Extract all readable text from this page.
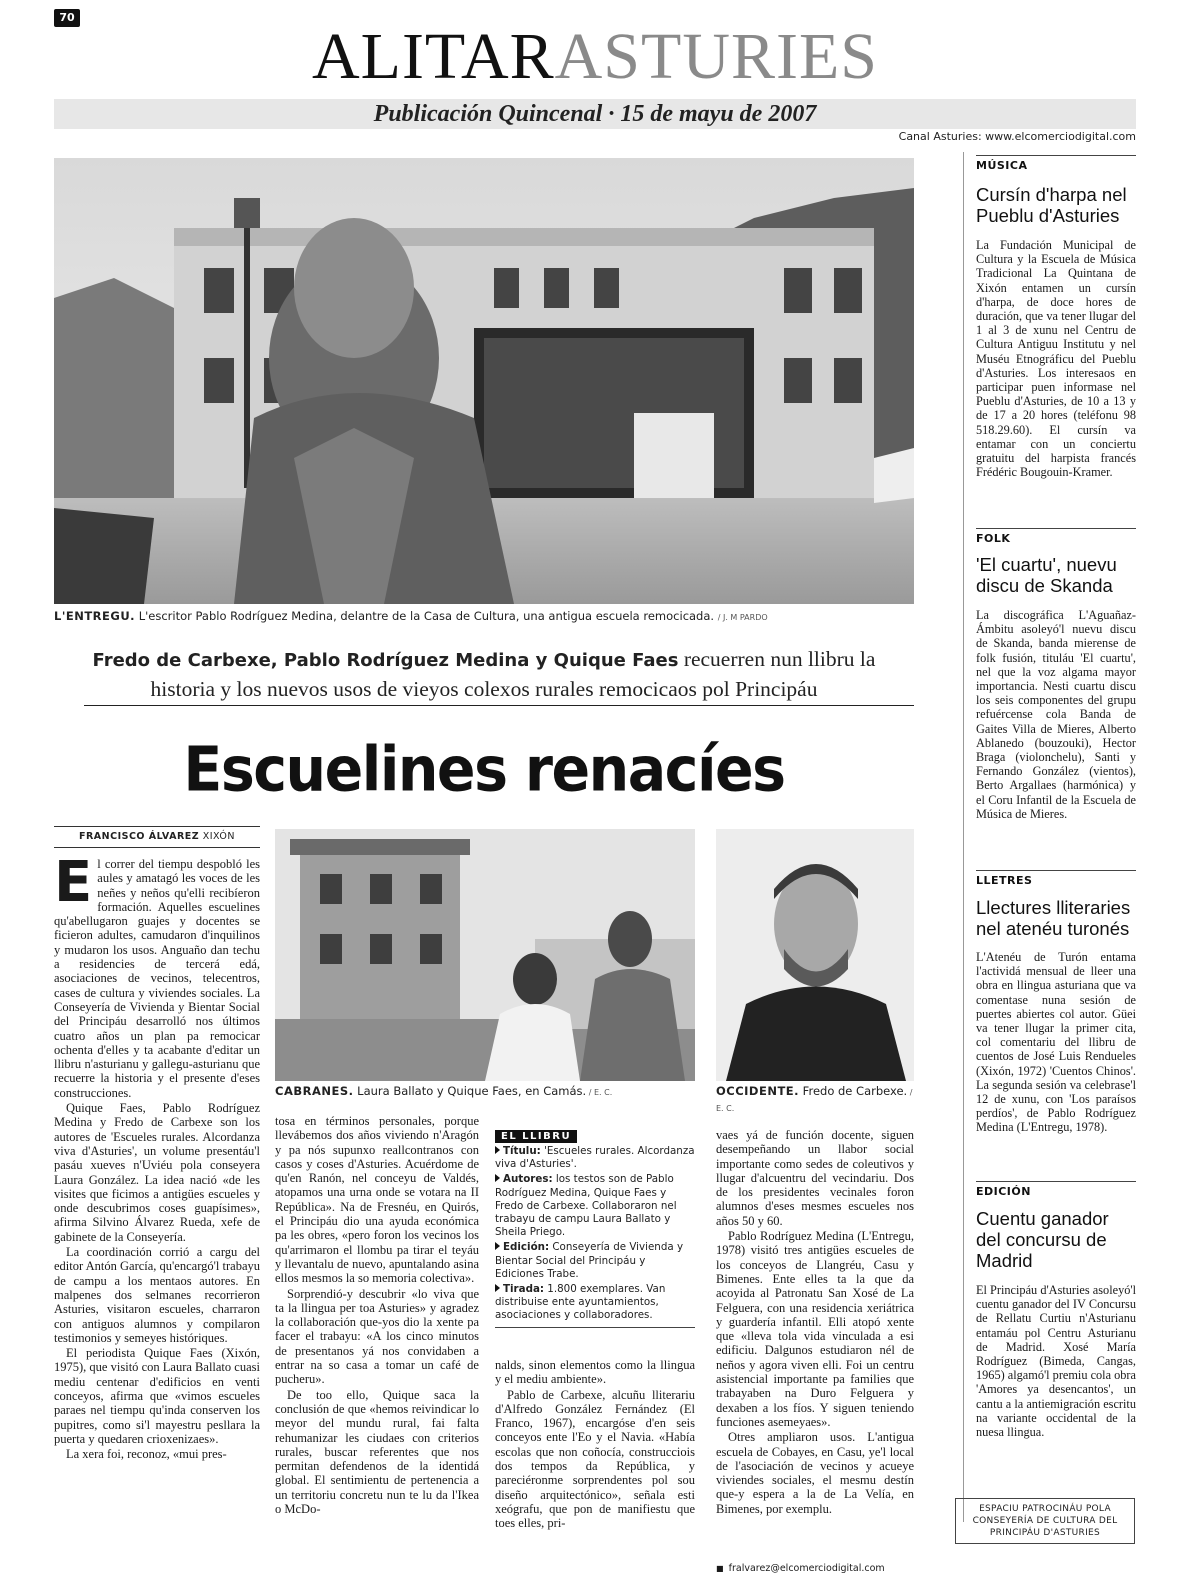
70
ALITARASTURIES
Publicación Quincenal · 15 de mayu de 2007
Canal Asturies: www.elcomerciodigital.com
L'ENTREGU. L'escritor Pablo Rodríguez Medina, delantre de la Casa de Cultura, una antigua escuela remocicada. / J. M PARDO
Fredo de Carbexe, Pablo Rodríguez Medina y Quique Faes recuerren nun llibru la
historia y los nuevos usos de vieyos colexos rurales remocicaos pol Principáu
Escuelines renacíes
FRANCISCO ÁLVAREZ XIXÓN

El correr del tiempu despobló les aules y amatagó les voces de les neñes y neños qu'elli recibíeron formación. Aquelles escuelines qu'abellugaron guajes y docentes se ficieron adultes, camudaron d'inquilinos y mudaron los usos. Anguaño dan techu a residencies de tercerá edá, asociaciones de vecinos, telecentros, cases de cultura y viviendes sociales. La Conseyería de Vivienda y Bientar Social del Principáu desarrolló nos últimos cuatro años un plan pa remocicar ochenta d'elles y ta acabante d'editar un llibru n'asturianu y gallegu-asturianu que recuerre la historia y el presente d'eses construcciones.

Quique Faes, Pablo Rodríguez Medina y Fredo de Carbexe son los autores de 'Escueles rurales. Alcordanza viva d'Asturies', un volume presentáu'l pasáu xueves n'Uviéu pola conseyera Laura González. La idea nació «de les visites que ficimos a antigües escueles y onde descubrimos coses guapísimes», afirma Silvino Álvarez Rueda, xefe de gabinete de la Conseyería.

La coordinación corrió a cargu del editor Antón García, qu'encargó'l trabayu de campu a los mentaos autores. En malpenes dos selmanes recorrieron Asturies, visitaron escueles, charraron con antiguos alumnos y compilaron testimonios y semeyes históriques.

El periodista Quique Faes (Xixón, 1975), que visitó con Laura Ballato cuasi mediu centenar d'edificios en venti conceyos, afirma que «vimos escueles paraes nel tiempu qu'inda conserven los pupitres, como si'l mayestru pesllara la puerta y quedaren crioxenizaes».

La xera foi, reconoz, «mui pres-

CABRANES. Laura Ballato y Quique Faes, en Camás. / E. C.	OCCIDENTE. Fredo de Carbexe. / E. C.

tosa en términos personales, porque llevábemos dos años viviendo n'Aragón y pa nós supunxo reallcontranos con casos y coses d'Asturies. Acuérdome de qu'en Ranón, nel conceyu de Valdés, atopamos una urna onde se votara na II República». Na de Fresnéu, en Quirós, el Principáu dio una ayuda económica pa les obres, «pero foron los vecinos los qu'arrimaron el llombu pa tirar el teyáu y llevantalu de nuevo, apuntalando asina ellos mesmos la so memoria colectiva».

Sorprendió-y descubrir «lo viva que ta la llingua per toa Asturies» y agradez la collaboración que-yos dio la xente pa facer el trabayu: «A los cinco minutos de presentanos yá nos convidaben a entrar na so casa a tomar un café de pucheru».

De too ello, Quique saca la conclusión de que «hemos reivindicar lo meyor del mundu rural, fai falta rehumanizar les ciudaes con criterios rurales, buscar referentes que nos permitan defendenos de la identidá global. El sentimientu de pertenencia a un territoriu concretu nun te lu da l'Ikea o McDo-

EL LLIBRU
Títulu: 'Escueles rurales. Alcordanza viva d'Asturies'.
Autores: los testos son de Pablo Rodríguez Medina, Quique Faes y Fredo de Carbexe. Collaboraron nel trabayu de campu Laura Ballato y Sheila Priego.
Edición: Conseyería de Vivienda y Bientar Social del Principáu y Ediciones Trabe.
Tirada: 1.800 exemplares. Van distribuise ente ayuntamientos, asociaciones y collaboradores.

nalds, sinon elementos como la llingua y el mediu ambiente».

Pablo de Carbexe, alcuñu lliterariu d'Alfredo González Fernández (El Franco, 1967), encargóse d'en seis conceyos ente l'Eo y el Navia. «Había escolas que non coñocía, construcciois dos tempos da República, y pareciéronme sorprendentes pol sou diseño arquitectónico», señala esti xeógrafu, que pon de manifiestu que toes elles, pri-

vaes yá de función docente, siguen desempeñando un llabor social importante como sedes de coleutivos y llugar d'alcuentru del vecindariu. Dos de los presidentes vecinales foron alumnos d'eses mesmes escueles nos años 50 y 60.

Pablo Rodríguez Medina (L'Entregu, 1978) visitó tres antigües escueles de los conceyos de Llangréu, Casu y Bimenes. Ente elles ta la que da acoyida al Patronatu San Xosé de La Felguera, con una residencia xeriátrica y guardería infantil. Elli atopó xente que «lleva tola vida vinculada a esi edificiu. Dalgunos estudiaron nél de neños y agora viven elli. Foi un centru asistencial importante pa families que trabayaben na Duro Felguera y dexaben a los fíos. Y siguen teniendo funciones asemeyaes».

Otres ampliaron usos. L'antigua escuela de Cobayes, en Casu, ye'l local de l'asociación de vecinos y acueye viviendes sociales, el mesmu destín que-y espera a la de La Velía, en Bimenes, por exemplu.

■ fralvarez@elcomerciodigital.com
MÚSICA
Cursín d'harpa nel Pueblu d'Asturies
La Fundación Municipal de Cultura y la Escuela de Música Tradicional La Quintana de Xixón entamen un cursín d'harpa, de doce hores de duración, que va tener llugar del 1 al 3 de xunu nel Centru de Cultura Antiguu Institutu y nel Muséu Etnográficu del Pueblu d'Asturies. Los interesaos en participar puen informase nel Pueblu d'Asturies, de 10 a 13 y de 17 a 20 hores (teléfonu 98 518.29.60). El cursín va entamar con un conciertu gratuitu del harpista francés Frédéric Bougouin-Kramer.
FOLK
'El cuartu', nuevu discu de Skanda
La discográfica L'Aguañaz-Ámbitu asoleyó'l nuevu discu de Skanda, banda mierense de folk fusión, tituláu 'El cuartu', nel que la voz algama mayor importancia. Nesti cuartu discu los seis componentes del grupu refuércense cola Banda de Gaites Villa de Mieres, Alberto Ablanedo (bouzouki), Hector Braga (violonchelu), Santi y Fernando González (vientos), Berto Argallaes (harmónica) y el Coru Infantil de la Escuela de Música de Mieres.
LLETRES
Llectures lliteraries nel atenéu turonés
L'Atenéu de Turón entama l'actividá mensual de lleer una obra en llingua asturiana que va comentase nuna sesión de puertes abiertes col autor. Güei va tener llugar la primer cita, col comentariu del llibru de cuentos de José Luis Rendueles (Xixón, 1972) 'Cuentos Chinos'. La segunda sesión va celebrase'l 12 de xunu, con 'Los paraísos perdíos', de Pablo Rodríguez Medina (L'Entregu, 1978).
EDICIÓN
Cuentu ganador del concursu de Madrid
El Principáu d'Asturies asoleyó'l cuentu ganador del IV Concursu de Rellatu Curtiu n'Asturianu entamáu pol Centru Asturianu de Madrid. Xosé María Rodríguez (Bimeda, Cangas, 1965) algamó'l premiu cola obra 'Amores ya desencantos', un cantu a la antiemigración escritu na variante occidental de la nuesa llingua.
ESPACIU PATROCINÁU POLA CONSEYERÍA DE CULTURA DEL PRINCIPÁU D'ASTURIES
